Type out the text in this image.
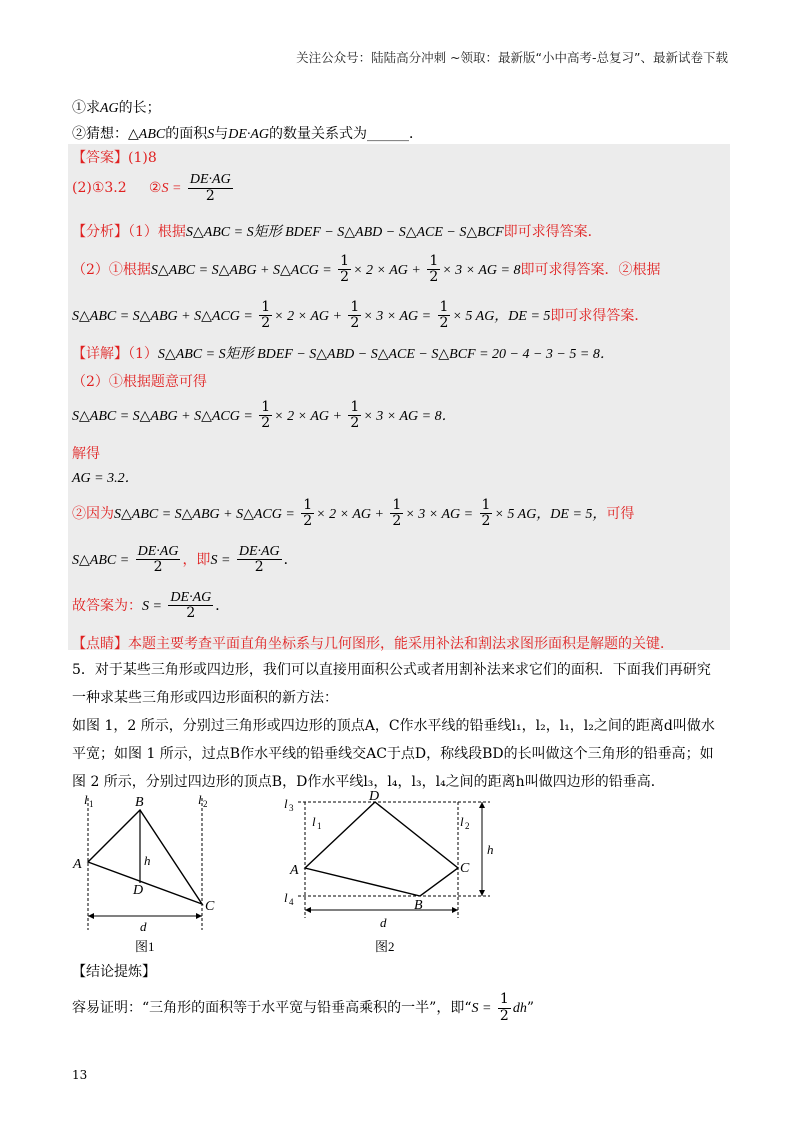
关注公众号：陆陆高分冲刺 ~领取：最新版“小中高考-总复习”、最新试卷下载
①求AG的长；
②猜想：△ABC的面积S与DE·AG的数量关系式为______．
【答案】(1)8
(2)①3.2 ②S = $\frac{DE\cdot AG}{2}$
【分析】（1）根据S△ABC = S矩形 BDEF − S△ABD − S△ACE − S△BCF即可求得答案．
（2）①根据S△ABC = S△ABG + S△ACG = $\frac{1}{2} \times 2$ × AG + $\frac{1}{2} \times 3$ × AG = 8即可求得答案．②根据
S△ABC = S△ABG + S△ACG = $\frac{1}{2} \times 2$ × AG + $\frac{1}{2} \times 3$ × AG = $\frac{1}{2} \times 5$ AG，DE = 5即可求得答案．
【详解】（1）S△ABC = S矩形 BDEF − S△ABD − S△ACE − S△BCF = 20 − 4 − 3 − 5 = 8．
（2）①根据题意可得
S△ABC = S△ABG + S△ACG = $\frac{1}{2} \times 2$ × AG + $\frac{1}{2} \times 3$ × AG = 8．
解得
AG = 3.2．
②因为S△ABC = S△ABG + S△ACG = $\frac{1}{2} \times 2$ × AG + $\frac{1}{2} \times 3$ × AG = $\frac{1}{2} \times 5$ AG，DE = 5，可得
S△ABC = $\frac{DE\cdot AG}{2}$ ，即$S = \frac{DE\cdot AG}{2}$ ．
故答案为：$S = \frac{DE\cdot AG}{2}$ ．
【点睛】本题主要考查平面直角坐标系与几何图形，能采用补法和割法求图形面积是解题的关键．
5．对于某些三角形或四边形，我们可以直接用面积公式或者用割补法来求它们的面积．下面我们再研究
一种求某些三角形或四边形面积的新方法：
如图 1，2 所示，分别过三角形或四边形的顶点A，C作水平线的铅垂线l₁，l₂，l₁，l₂之间的距离d叫做水
平宽；如图 1 所示，过点B作水平线的铅垂线交AC于点D，称线段BD的长叫做这个三角形的铅垂高；如
图 2 所示，分别过四边形的顶点B，D作水平线l₃，l₄，l₃，l₄之间的距离h叫做四边形的铅垂高．
l 1	l 2
B
A
C
D
h
d
图1
l 3
l 4
l 1	l 2
D
A	C
B
h
d
图2
【结论提炼】
容易证明：“三角形的面积等于水平宽与铅垂高乘积的一半”，即“$S = \frac{1}{2}$ dh”
13
